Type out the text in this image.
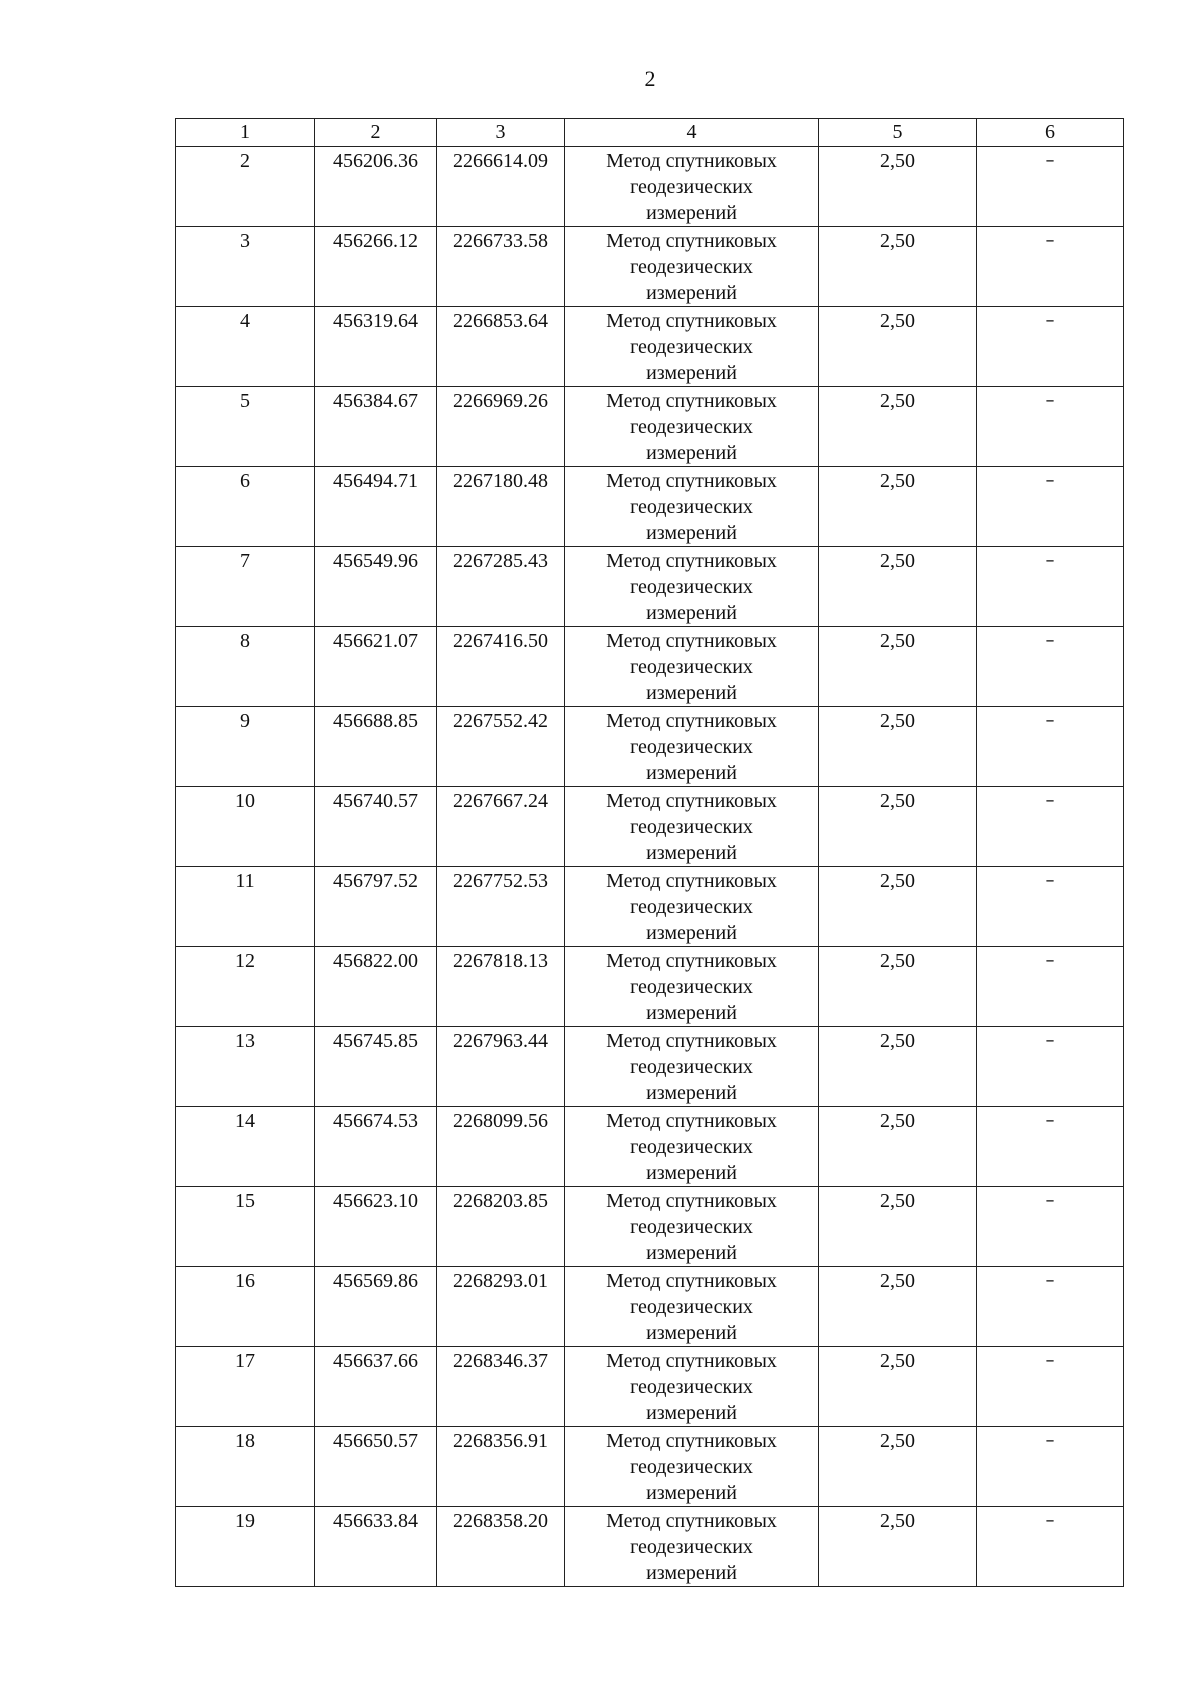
2
1	2	3	4	5	6
2	456206.36	2266614.09	Метод спутниковых
геодезических
измерений	2,50	–
3	456266.12	2266733.58	Метод спутниковых
геодезических
измерений	2,50	–
4	456319.64	2266853.64	Метод спутниковых
геодезических
измерений	2,50	–
5	456384.67	2266969.26	Метод спутниковых
геодезических
измерений	2,50	–
6	456494.71	2267180.48	Метод спутниковых
геодезических
измерений	2,50	–
7	456549.96	2267285.43	Метод спутниковых
геодезических
измерений	2,50	–
8	456621.07	2267416.50	Метод спутниковых
геодезических
измерений	2,50	–
9	456688.85	2267552.42	Метод спутниковых
геодезических
измерений	2,50	–
10	456740.57	2267667.24	Метод спутниковых
геодезических
измерений	2,50	–
11	456797.52	2267752.53	Метод спутниковых
геодезических
измерений	2,50	–
12	456822.00	2267818.13	Метод спутниковых
геодезических
измерений	2,50	–
13	456745.85	2267963.44	Метод спутниковых
геодезических
измерений	2,50	–
14	456674.53	2268099.56	Метод спутниковых
геодезических
измерений	2,50	–
15	456623.10	2268203.85	Метод спутниковых
геодезических
измерений	2,50	–
16	456569.86	2268293.01	Метод спутниковых
геодезических
измерений	2,50	–
17	456637.66	2268346.37	Метод спутниковых
геодезических
измерений	2,50	–
18	456650.57	2268356.91	Метод спутниковых
геодезических
измерений	2,50	–
19	456633.84	2268358.20	Метод спутниковых
геодезических
измерений	2,50	–
